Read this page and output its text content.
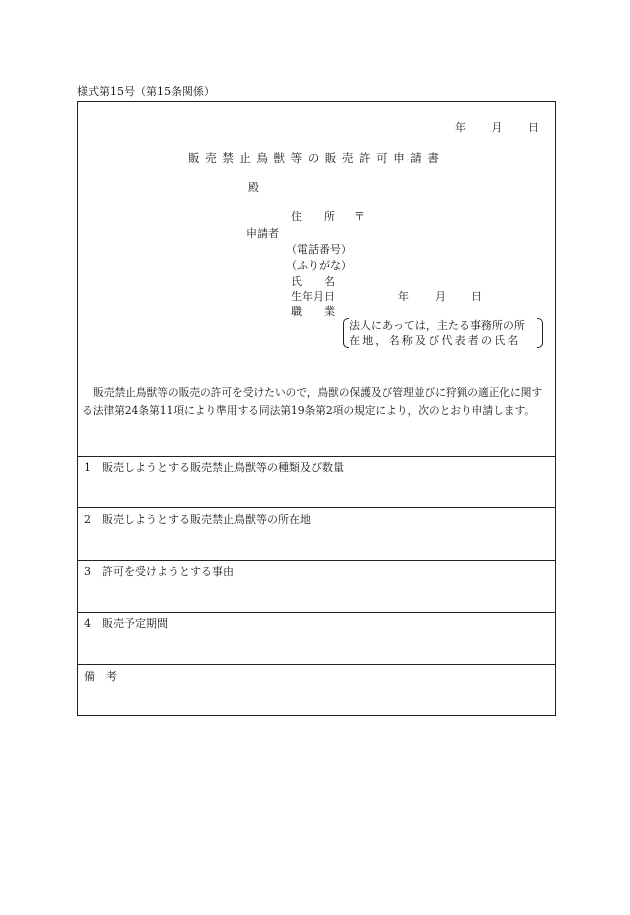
様式第15号（第15条関係）
年 月 日
販売禁止鳥獣等の販売許可申請書
殿
住　　所 〒
申請者
（電話番号）
（ふりがな）
氏　　名
生年月日	年 月 日
職　　業
法人にあっては，主たる事務所の所
在地，名称及び代表者の氏名
販売禁止鳥獣等の販売の許可を受けたいので，鳥獣の保護及び管理並びに狩猟の適正化に関する法律第24条第11項により準用する同法第19条第2項の規定により，次のとおり申請します。
1　 販売しようとする販売禁止鳥獣等の種類及び数量
2　 販売しようとする販売禁止鳥獣等の所在地
3　 許可を受けようとする事由
4　 販売予定期間
備　考
